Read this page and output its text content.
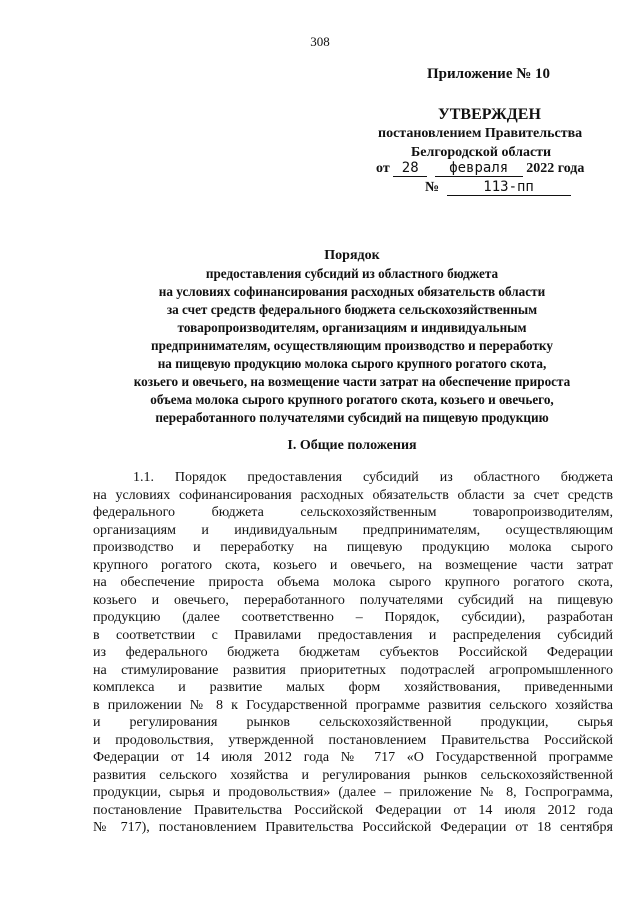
308
Приложение № 10
УТВЕРЖДЕН
постановлением Правительства
Белгородской области
от 28 февраля 2022 года
№	113-пп
Порядок
предоставления субсидий из областного бюджета
на условиях софинансирования расходных обязательств области
за счет средств федерального бюджета сельскохозяйственным
товаропроизводителям, организациям и индивидуальным
предпринимателям, осуществляющим производство и переработку
на пищевую продукцию молока сырого крупного рогатого скота,
козьего и овечьего, на возмещение части затрат на обеспечение прироста
объема молока сырого крупного рогатого скота, козьего и овечьего,
переработанного получателями субсидий на пищевую продукцию
I. Общие положения
1.1. Порядок предоставления субсидий из областного бюджета
на условиях софинансирования расходных обязательств области за счет средств
федерального бюджета сельскохозяйственным товаропроизводителям,
организациям и индивидуальным предпринимателям, осуществляющим
производство и переработку на пищевую продукцию молока сырого
крупного рогатого скота, козьего и овечьего, на возмещение части затрат
на обеспечение прироста объема молока сырого крупного рогатого скота,
козьего и овечьего, переработанного получателями субсидий на пищевую
продукцию (далее соответственно – Порядок, субсидии), разработан
в соответствии с Правилами предоставления и распределения субсидий
из федерального бюджета бюджетам субъектов Российской Федерации
на стимулирование развития приоритетных подотраслей агропромышленного
комплекса и развитие малых форм хозяйствования, приведенными
в приложении № 8 к Государственной программе развития сельского хозяйства
и регулирования рынков сельскохозяйственной продукции, сырья
и продовольствия, утвержденной постановлением Правительства Российской
Федерации от 14 июля 2012 года № 717 «О Государственной программе
развития сельского хозяйства и регулирования рынков сельскохозяйственной
продукции, сырья и продовольствия» (далее – приложение № 8, Госпрограмма,
постановление Правительства Российской Федерации от 14 июля 2012 года
№ 717), постановлением Правительства Российской Федерации от 18 сентября
